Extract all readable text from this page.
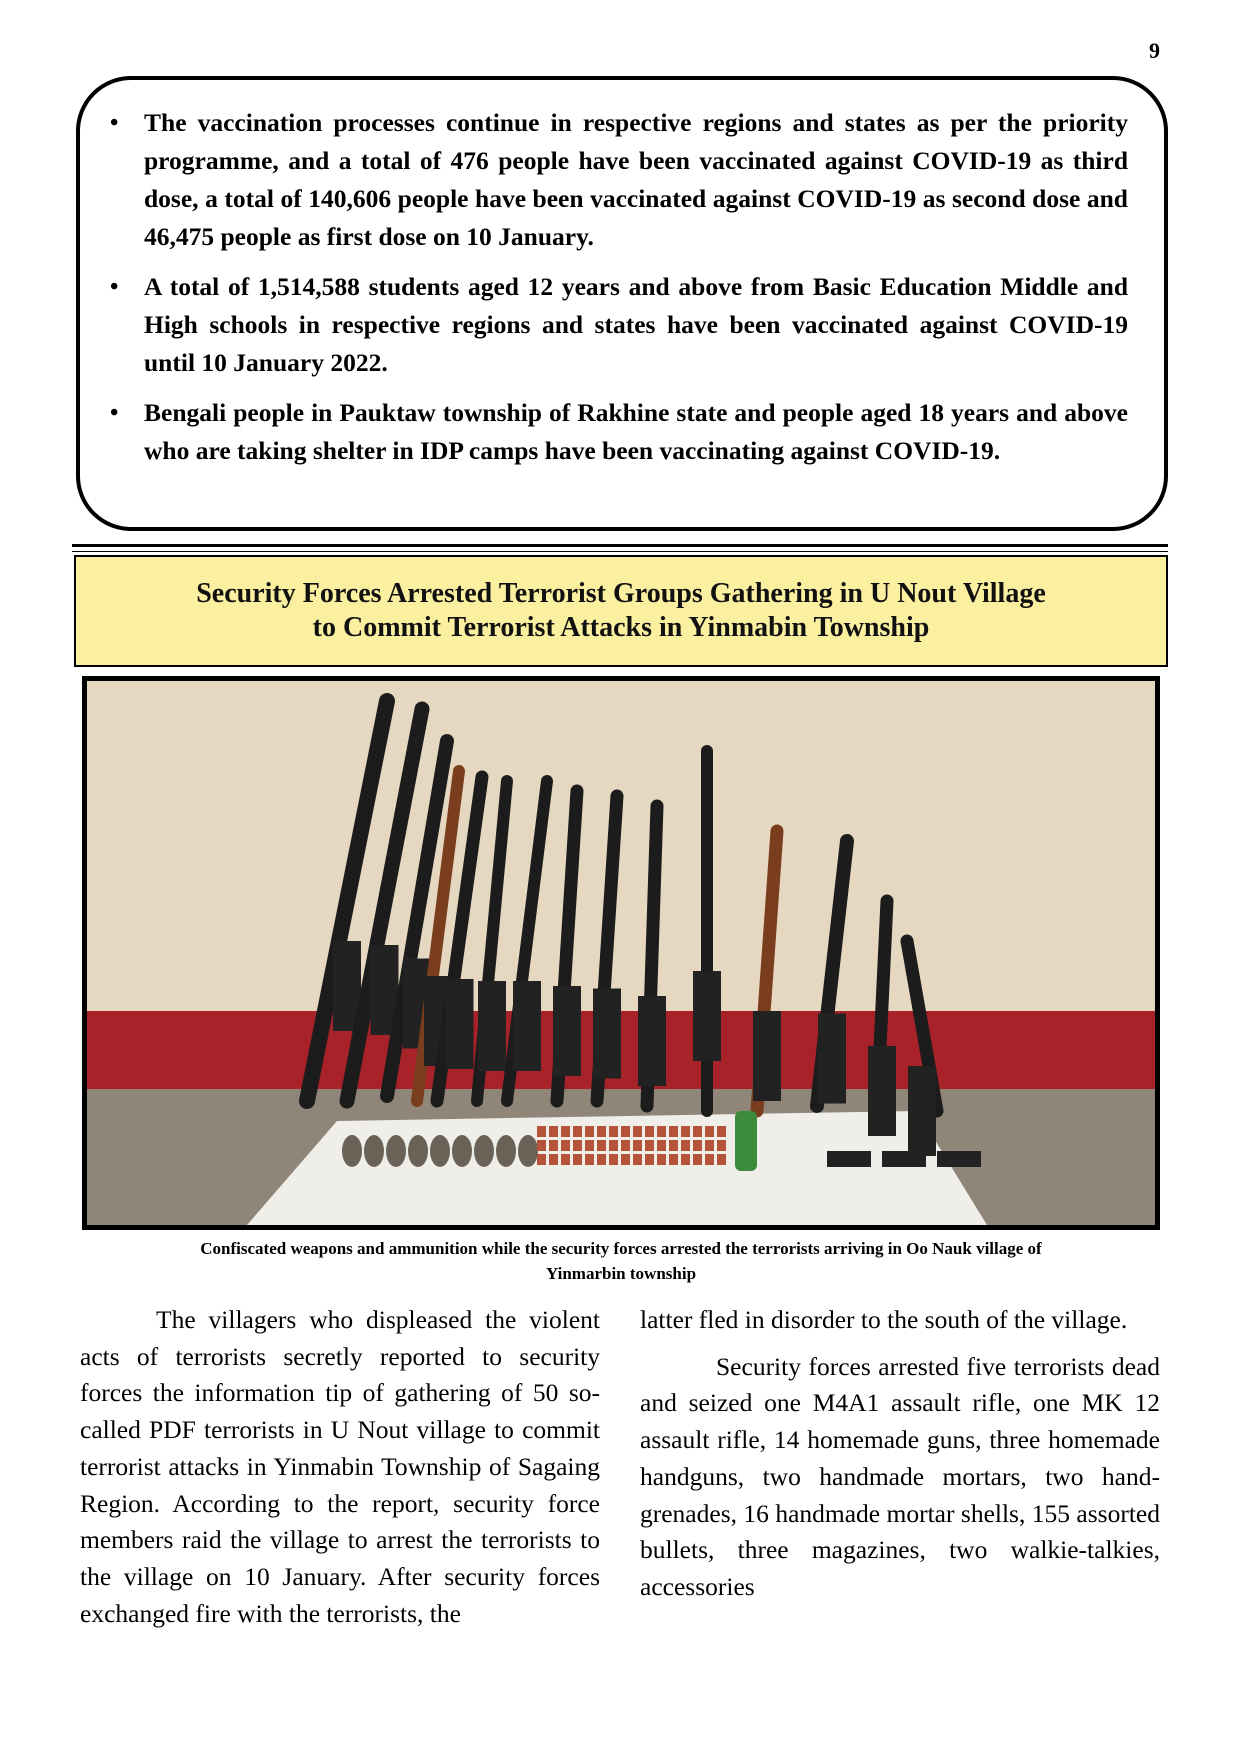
9
• The vaccination processes continue in respective regions and states as per the priority programme, and a total of 476 people have been vaccinated against COVID-19 as third dose, a total of 140,606 people have been vaccinated against COVID-19 as second dose and 46,475 people as first dose on 10 January.
• A total of 1,514,588 students aged 12 years and above from Basic Education Middle and High schools in respective regions and states have been vaccinated against COVID-19 until 10 January 2022.
• Bengali people in Pauktaw township of Rakhine state and people aged 18 years and above who are taking shelter in IDP camps have been vaccinating against COVID-19.
Security Forces Arrested Terrorist Groups Gathering in U Nout Village
to Commit Terrorist Attacks in Yinmabin Township
Confiscated weapons and ammunition while the security forces arrested the terrorists arriving in Oo Nauk village of
Yinmarbin township

The villagers who displeased the violent acts of terrorists secretly reported to security forces the information tip of gathering of 50 so-called PDF terrorists in U Nout village to commit terrorist attacks in Yinmabin Township of Sagaing Region. According to the report, security force members raid the village to arrest the terrorists to the village on 10 January. After security forces exchanged fire with the terrorists, the

latter fled in disorder to the south of the village.

Security forces arrested five terrorists dead and seized one M4A1 assault rifle, one MK 12 assault rifle, 14 homemade guns, three homemade handguns, two handmade mortars, two hand-grenades, 16 handmade mortar shells, 155 assorted bullets, three magazines, two walkie-talkies, accessories
